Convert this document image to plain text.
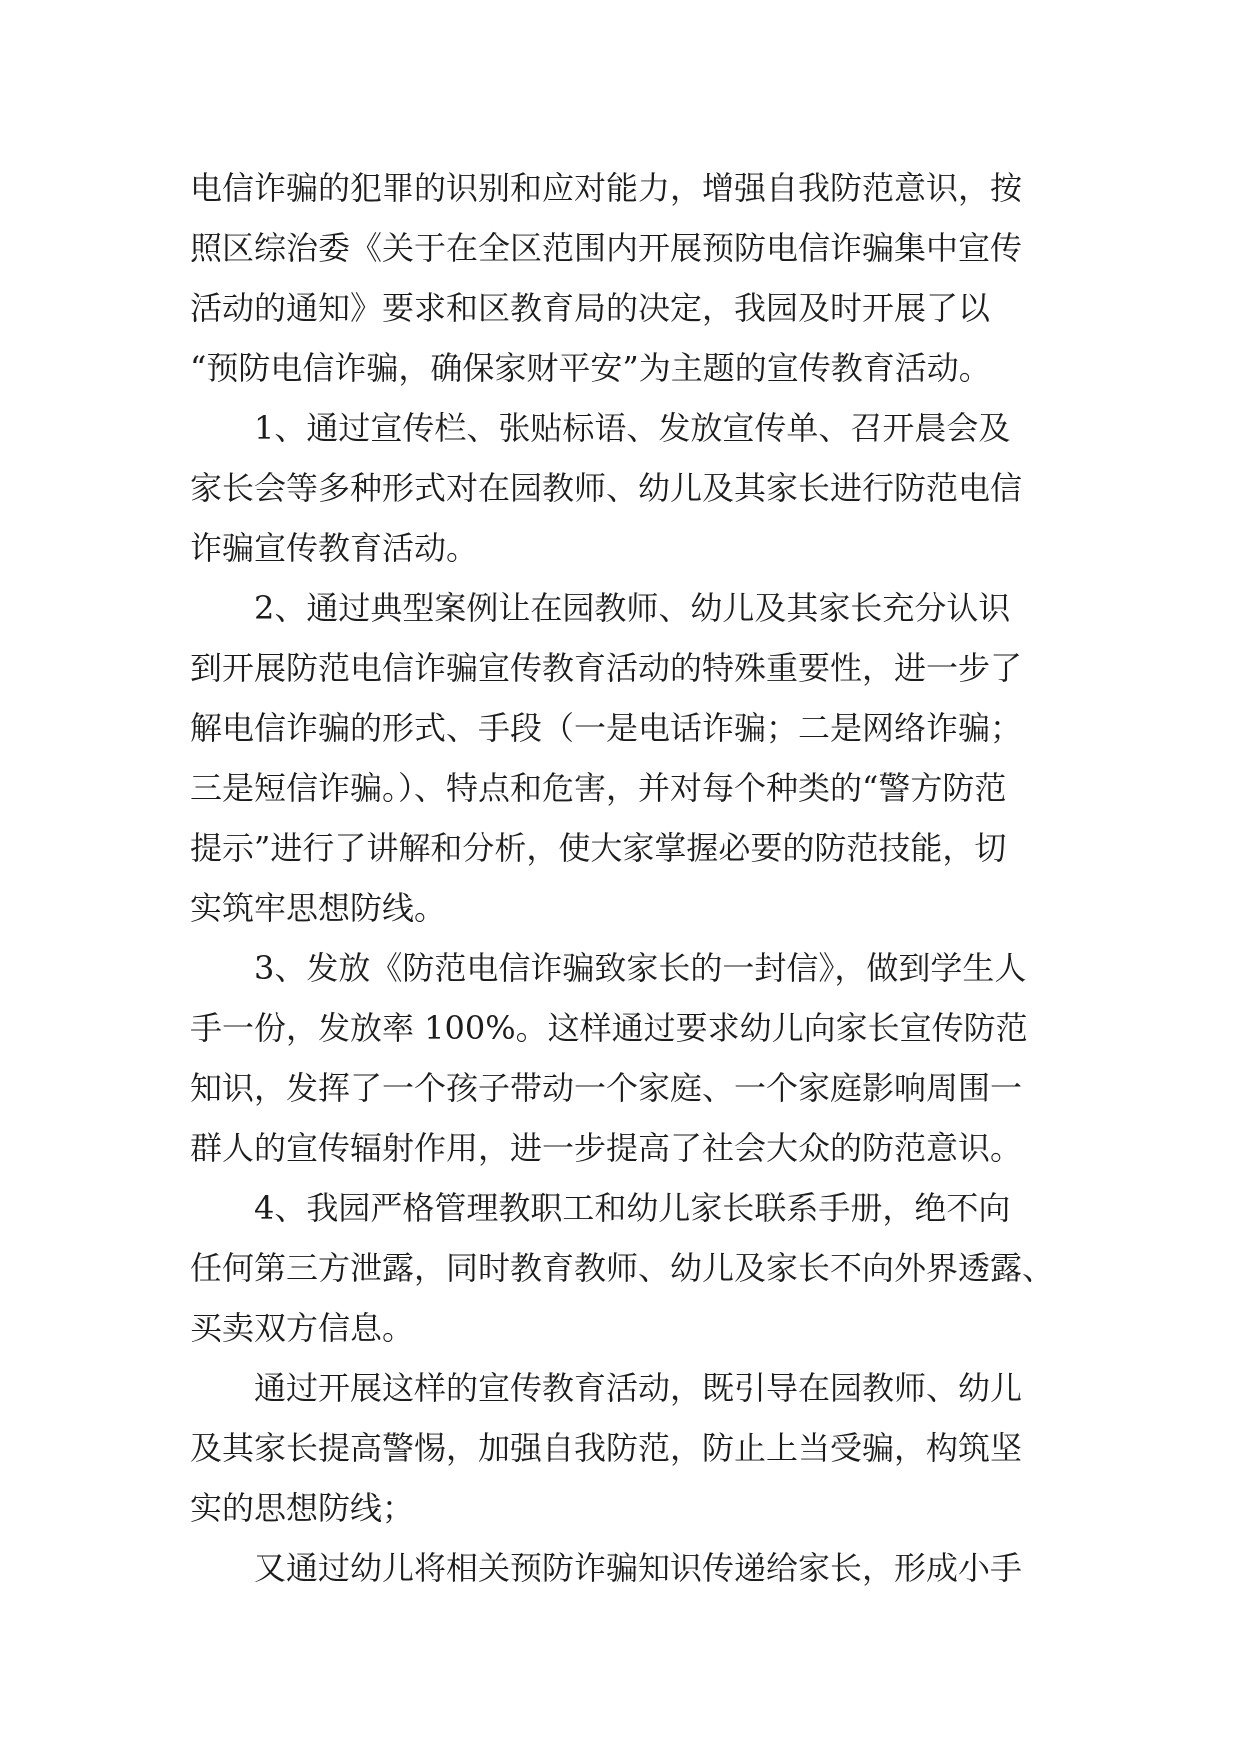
电信诈骗的犯罪的识别和应对能力，增强自我防范意识，按
照区综治委《关于在全区范围内开展预防电信诈骗集中宣传
活动的通知》要求和区教育局的决定，我园及时开展了以
“预防电信诈骗，确保家财平安”为主题的宣传教育活动。
1、通过宣传栏、张贴标语、发放宣传单、召开晨会及
家长会等多种形式对在园教师、幼儿及其家长进行防范电信
诈骗宣传教育活动。
2、通过典型案例让在园教师、幼儿及其家长充分认识
到开展防范电信诈骗宣传教育活动的特殊重要性，进一步了
解电信诈骗的形式、手段（一是电话诈骗；二是网络诈骗；
三是短信诈骗。）、特点和危害，并对每个种类的“警方防范
提示”进行了讲解和分析，使大家掌握必要的防范技能，切
实筑牢思想防线。
3、发放《防范电信诈骗致家长的一封信》，做到学生人
手一份，发放率 100%。这样通过要求幼儿向家长宣传防范
知识，发挥了一个孩子带动一个家庭、一个家庭影响周围一
群人的宣传辐射作用，进一步提高了社会大众的防范意识。
4、我园严格管理教职工和幼儿家长联系手册，绝不向
任何第三方泄露，同时教育教师、幼儿及家长不向外界透露、
买卖双方信息。
通过开展这样的宣传教育活动，既引导在园教师、幼儿
及其家长提高警惕，加强自我防范，防止上当受骗，构筑坚
实的思想防线；
又通过幼儿将相关预防诈骗知识传递给家长，形成小手
